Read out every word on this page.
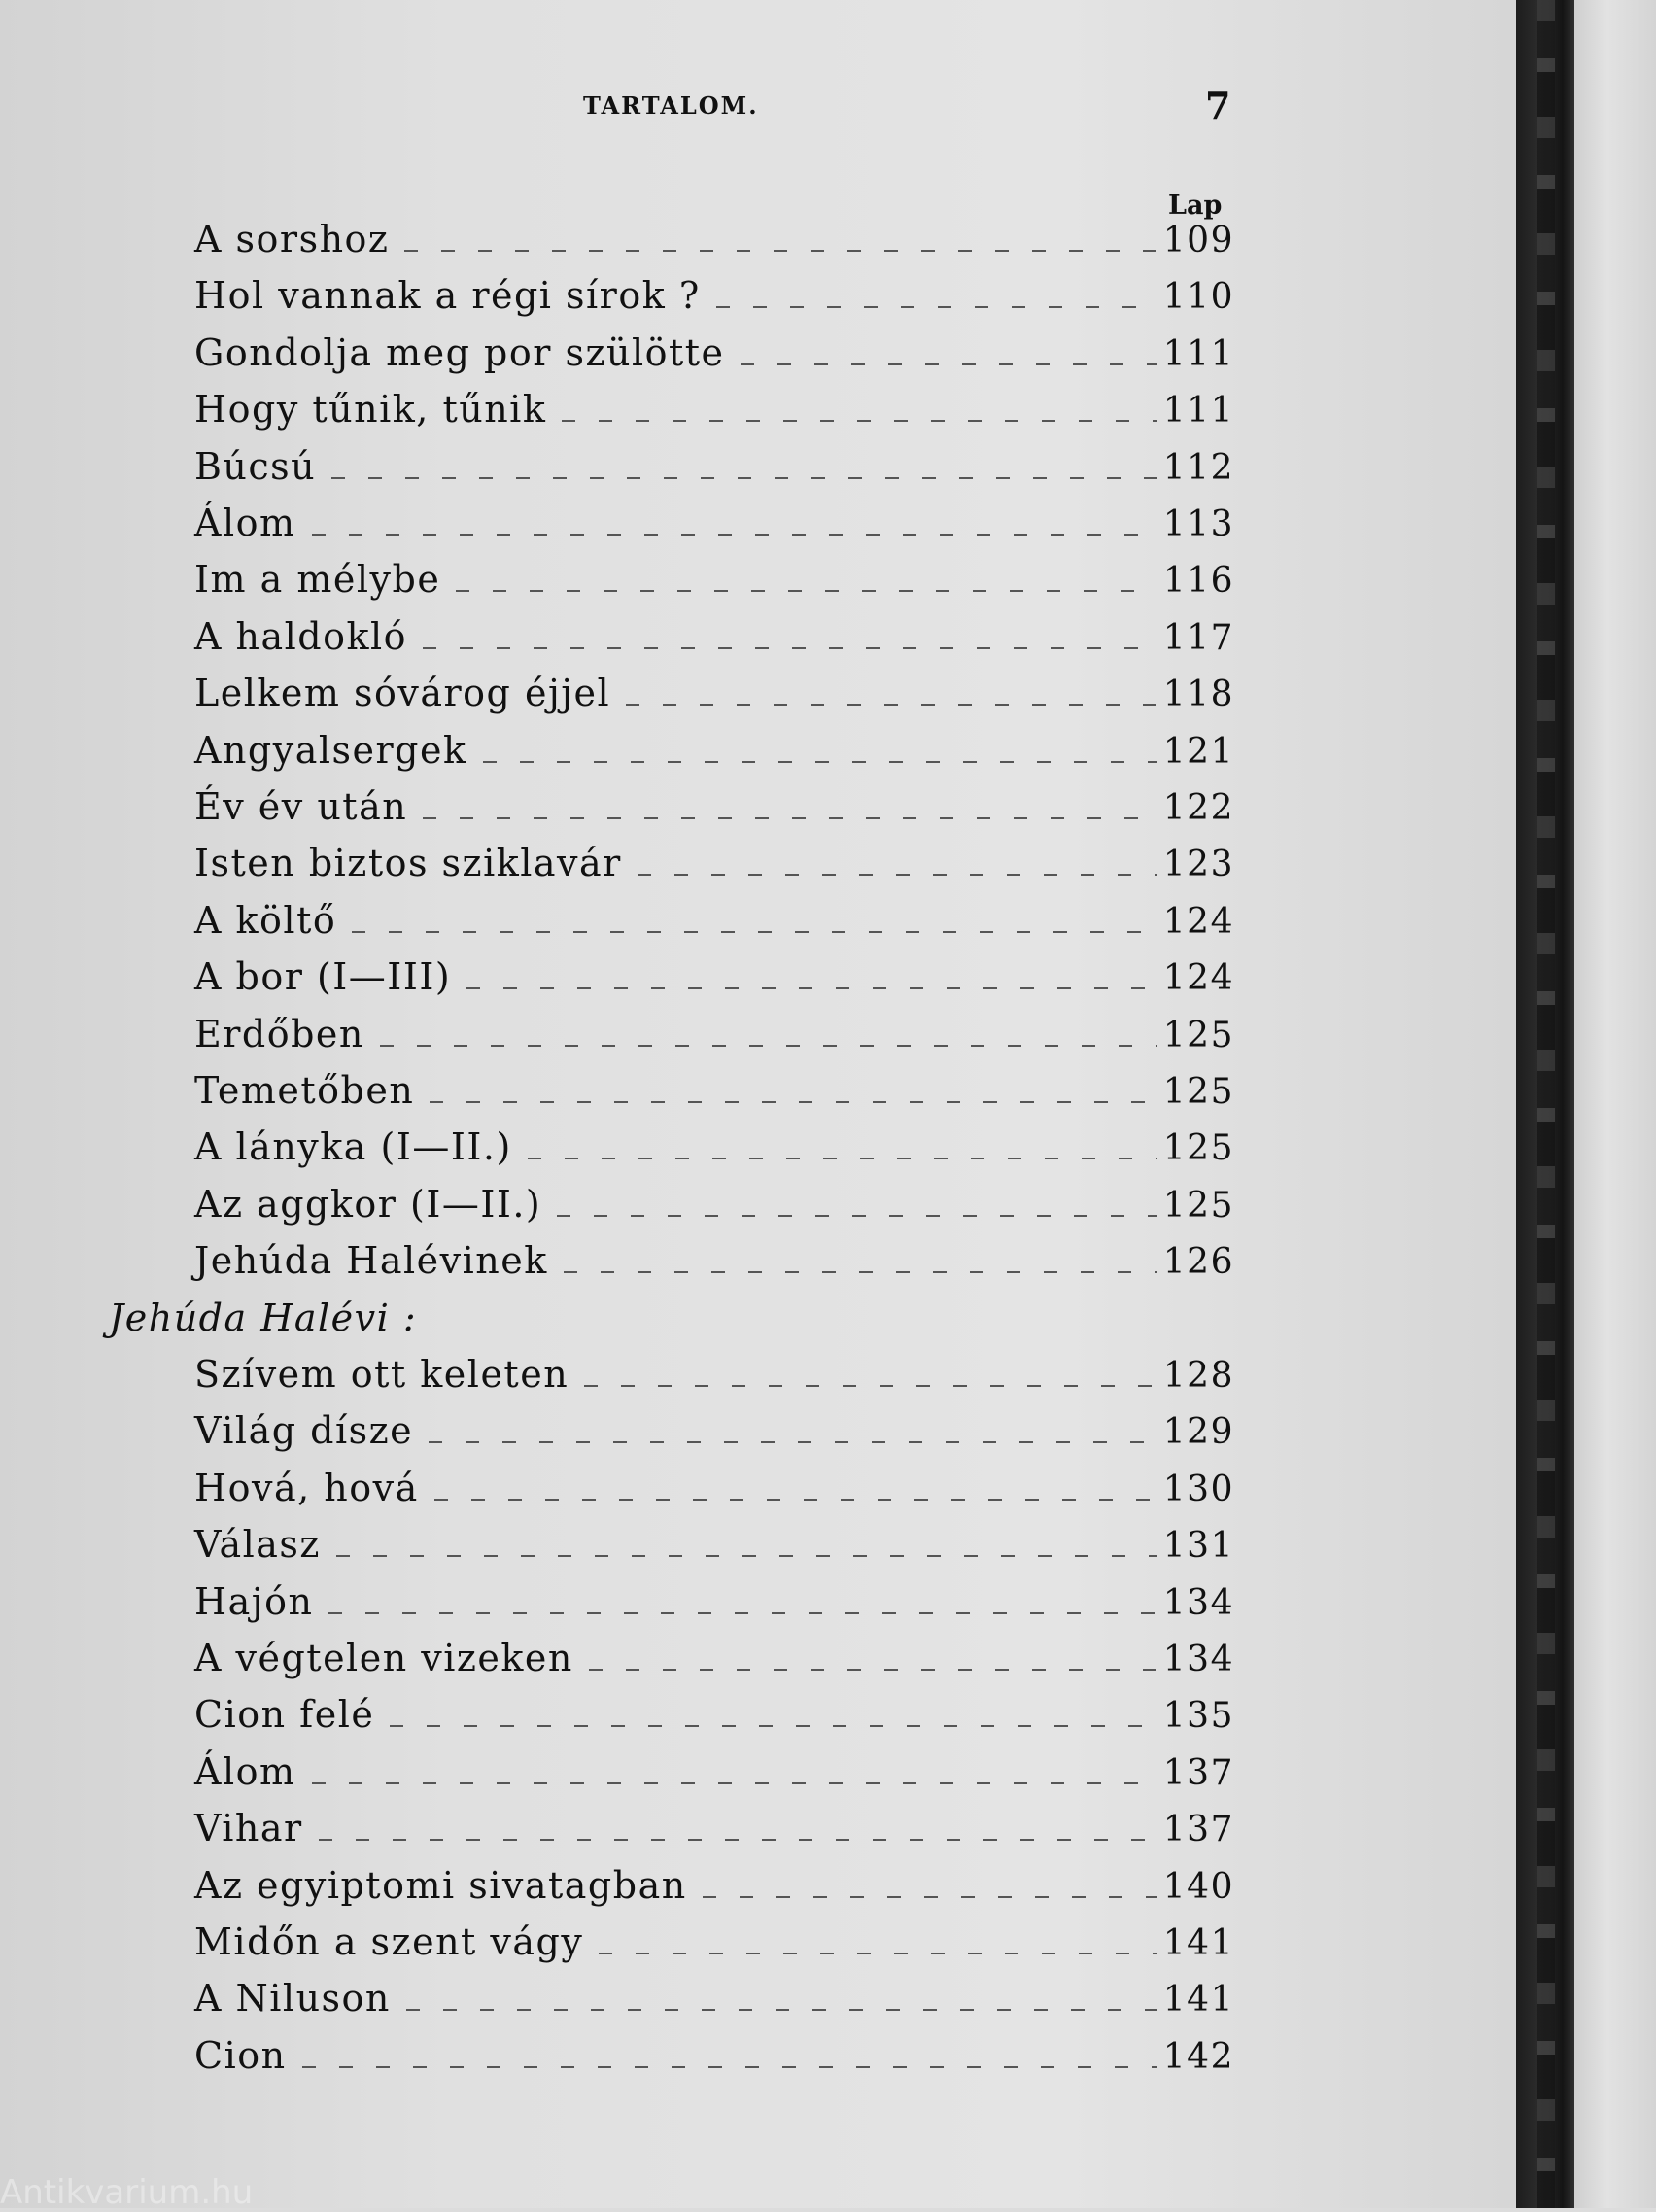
TARTALOM.	7
Lap
A sorshoz	109
Hol vannak a régi sírok ?	110
Gondolja meg por szülötte	111
Hogy tűnik, tűnik	111
Búcsú	112
Álom	113
Im a mélybe	116
A haldokló	117
Lelkem sóvárog éjjel	118
Angyalsergek	121
Év év után	122
Isten biztos sziklavár	123
A költő	124
A bor (I—III)	124
Erdőben	125
Temetőben	125
A lányka (I—II.)	125
Az aggkor (I—II.)	125
Jehúda Halévinek	126
Jehúda Halévi :
Szívem ott keleten	128
Világ dísze	129
Hová, hová	130
Válasz	131
Hajón	134
A végtelen vizeken	134
Cion felé	135
Álom	137
Vihar	137
Az egyiptomi sivatagban	140
Midőn a szent vágy	141
A Niluson	141
Cion	142
Antikvarium.hu
